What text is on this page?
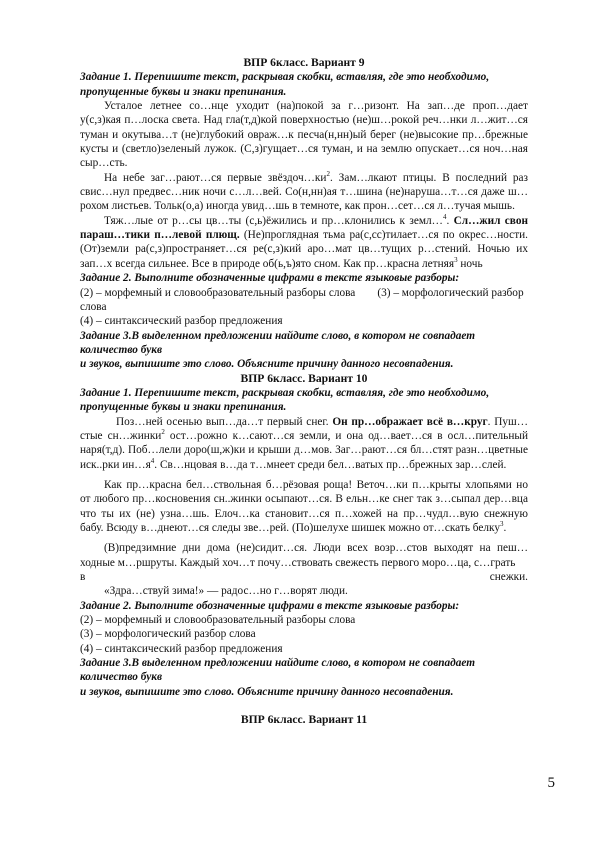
ВПР 6класс. Вариант 9

Задание 1. Перепишите текст, раскрывая скобки, вставляя, где это необходимо, пропущенные буквы и знаки препинания.

Усталое летнее со…нце уходит (на)покой за г…ризонт. На зап…де проп…дает у(с,з)кая п…лоска света. Над гла(т,д)кой поверхностью (не)ш…рокой реч…нки л…жит…ся туман и окутыва…т (не)глубокий овраж…к песча(н,нн)ый берег (не)высокие пр…брежные кусты и (светло)зеленый лужок. (С,з)гущает…ся туман, и на землю опускает…ся ноч…ная сыр…сть.

На небе заг…рают…ся первые $звёздоч\dots ки^2$. Зам…лкают птицы. В последний раз свис…нул предвес…ник ночи с…л…вей. Со(н,нн)ая т…шина (не)наруша…т…ся даже ш…рохом листьев. Тольк(о,а) иногда увид…шь в темноте, как прон…сет…ся л…тучая мышь.

Тяж…лые от р…сы цв…ты (с,ь)ёжились и пр…клонились к земл…$^4$. Сл…жил свон параш…тики п…левой плющ. (Не)проглядная тьма ра(с,сс)тилает…ся по окрес…ности. (От)земли ра(с,з)пространяет…ся ре(с,з)кий аро…мат цв…тущих р…стений. Ночью их зап…х всегда сильнее. Все в природе об(ь,ъ)ято сном. Как пр…красна летняя$^3$ ночь

Задание 2. Выполните обозначенные цифрами в тексте языковые разборы:

(2) – морфемный и словообразовательный разборы слова (3) – морфологический разбор

слова

(4) – синтаксический разбор предложения

Задание 3.В выделенном предложении найдите слово, в котором не совпадает количество букв

и звуков, выпишите это слово. Объясните причину данного несовпадения.

ВПР 6класс. Вариант 10

Задание 1. Перепишите текст, раскрывая скобки, вставляя, где это необходимо, пропущенные буквы и знаки препинания.

Поз…ней осенью вып…да…т первый снег. Он пр…ображает всё в…круг. Пуш…стые сн…жинки$^2$ ост…рожно к…сают…ся земли, и она од…вает…ся в осл…пительный наря(т,д). Поб…лели доро(ш,ж)ки и крыши д…мов. Заг…рают…ся бл…стят разн…цветные иск..рки $ин\dots я^4$. Св…нцовая в…да т…мнеет среди бел…ватых пр…брежных зар…слей.

Как пр…красна бел…ствольная б…рёзовая роща! Веточ…ки п…крыты хлопьями но от любого пр…косновения сн..жинки осыпают…ся. В ельн…ке снег так з…сыпал дер…вца что ты их (не) узна…шь. Елоч…ка становит…ся п…хожей на пр…чудл…вую снежную бабу. Всюду в…днеют…ся следы зве…рей. (По)шелухе шишек можно от…скать белку$^3$.

(В)предзимние дни дома (не)сидит…ся. Люди всех возр…стов выходят на пеш…ходные м…ршруты. Каждый хоч…т почу…ствовать свежесть первого моро…ца, с…грать

в	снежки.

«Здра…ствуй зима!» — радос…но г…ворят люди.

Задание 2. Выполните обозначенные цифрами в тексте языковые разборы:

(2) – морфемный и словообразовательный разборы слова

(3) – морфологический разбор слова

(4) – синтаксический разбор предложения

Задание 3.В выделенном предложении найдите слово, в котором не совпадает количество букв

и звуков, выпишите это слово. Объясните причину данного несовпадения.

ВПР 6класс. Вариант 11

5
